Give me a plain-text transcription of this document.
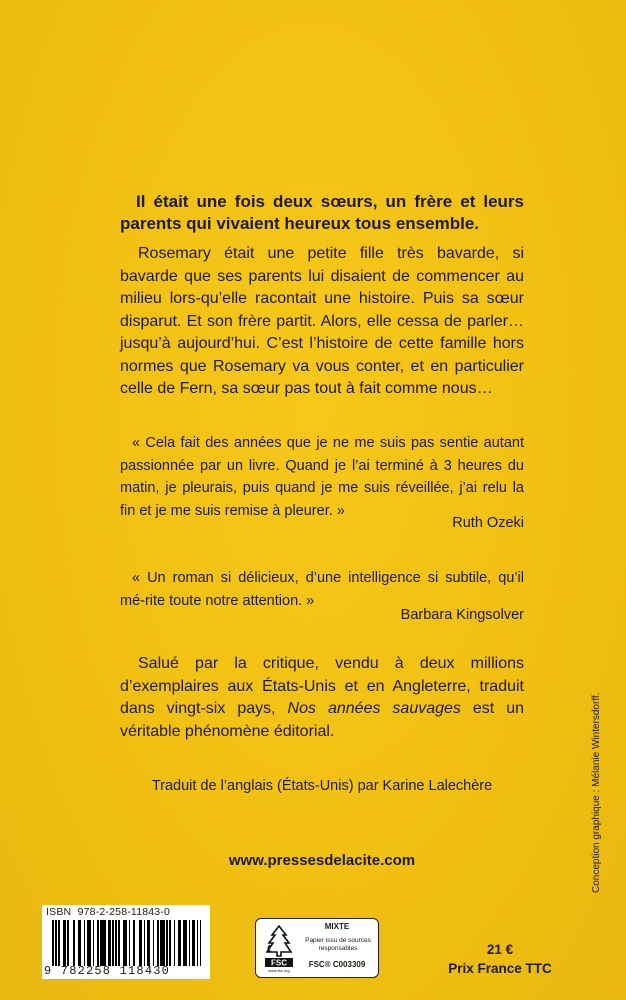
Il était une fois deux sœurs, un frère et leurs parents qui vivaient heureux tous ensemble.
Rosemary était une petite fille très bavarde, si bavarde que ses parents lui disaient de commencer au milieu lors-qu’elle racontait une histoire. Puis sa sœur disparut. Et son frère partit. Alors, elle cessa de parler… jusqu’à aujourd’hui. C’est l’histoire de cette famille hors normes que Rosemary va vous conter, et en particulier celle de Fern, sa sœur pas tout à fait comme nous…
« Cela fait des années que je ne me suis pas sentie autant passionnée par un livre. Quand je l’ai terminé à 3 heures du matin, je pleurais, puis quand je me suis réveillée, j’ai relu la fin et je me suis remise à pleurer. »
Ruth Ozeki
« Un roman si délicieux, d’une intelligence si subtile, qu’il mé-rite toute notre attention. »
Barbara Kingsolver
Salué par la critique, vendu à deux millions d’exemplaires aux États-Unis et en Angleterre, traduit dans vingt-six pays, Nos années sauvages est un véritable phénomène éditorial.
Traduit de l’anglais (États-Unis) par Karine Lalechère
www.pressesdelacite.com	Conception graphique : Mélanie Wintersdorff.
ISBN 978-2-258-11843-0
9 782258 118430
FSC
www.fsc.org
MIXTE
Papier issu de sources responsables
FSC® C003309
21 €
Prix France TTC
